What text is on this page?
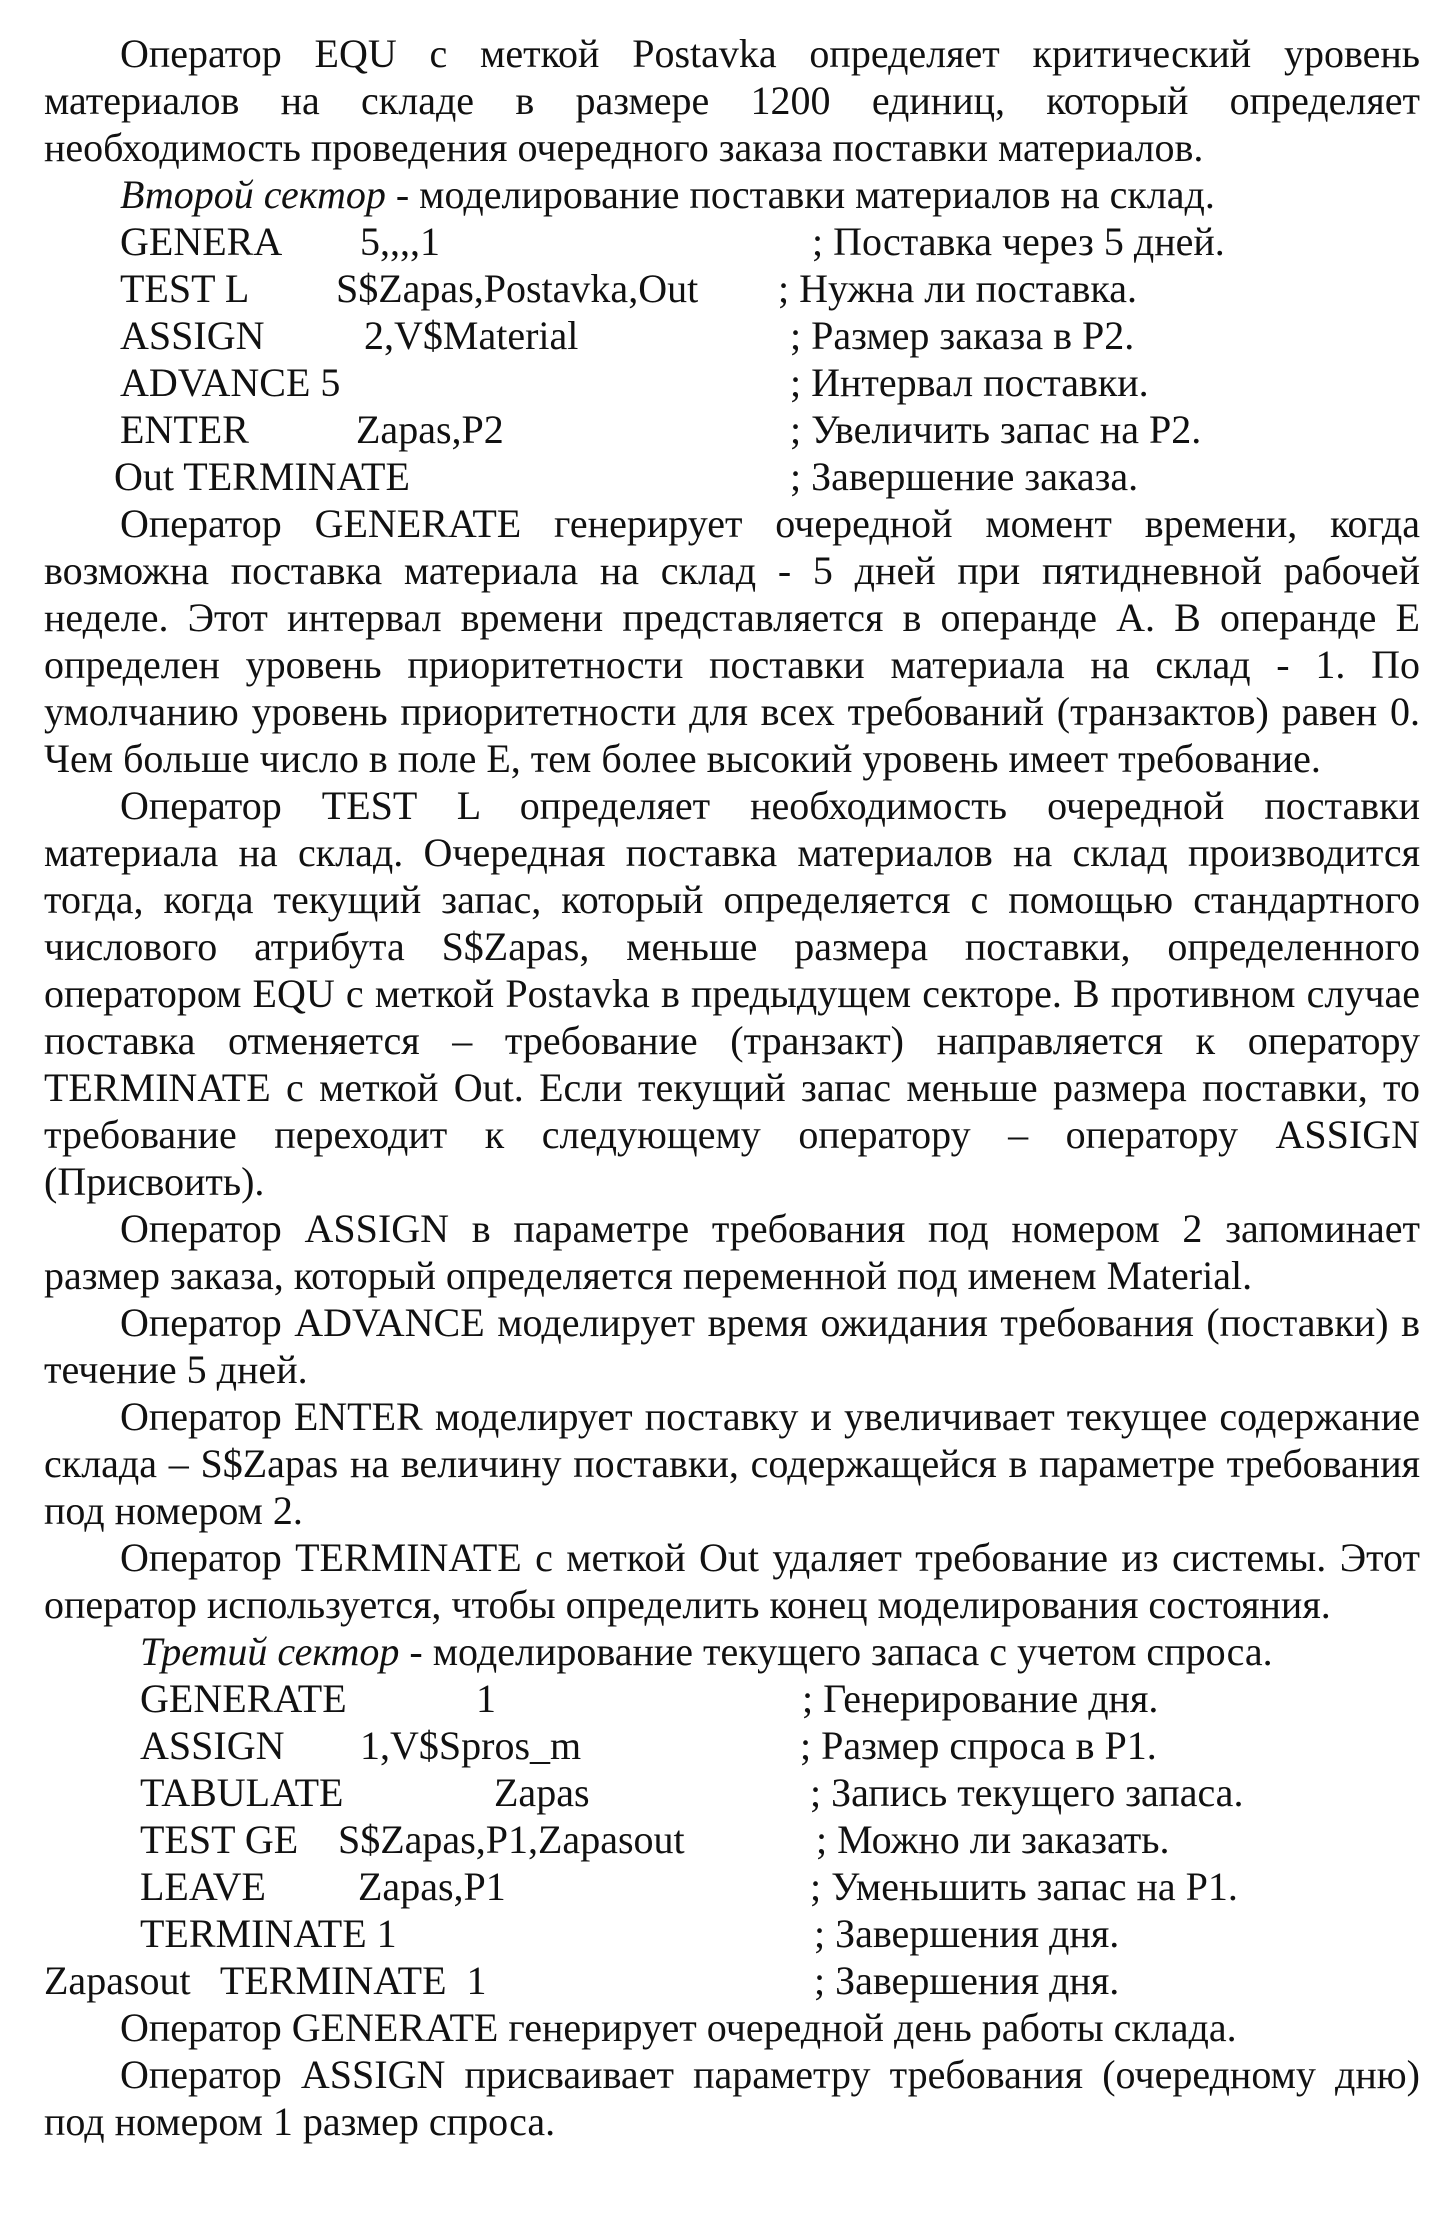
Оператор EQU с меткой Postavka определяет критический уровень материалов на складе в размере 1200 единиц, который определяет необходимость проведения очередного заказа поставки материалов.

Второй сектор - моделирование поставки материалов на склад.

GENERA 5,,,,1	; Поставка через 5 дней.
TEST L S$Zapas,Postavka,Out ; Нужна ли поставка.
ASSIGN 2,V$Material	; Размер заказа в Р2.
ADVANCE 5	; Интервал поставки.
ENTER	Zapas,P2	; Увеличить запас на Р2.
Out TERMINATE	; Завершение заказа.

Оператор GENERATE генерирует очередной момент времени, когда возможна поставка материала на склад - 5 дней при пятидневной рабочей неделе. Этот интервал времени представляется в операнде А. В операнде Е определен уровень приоритетности поставки материала на склад - 1. По умолчанию уровень приоритетности для всех требований (транзактов) равен 0. Чем больше число в поле Е, тем более высокий уровень имеет требование.

Оператор TEST L определяет необходимость очередной поставки материала на склад. Очередная поставка материалов на склад производится тогда, когда текущий запас, который определяется с помощью стандартного числового атрибута S$Zapas, меньше размера поставки, определенного оператором EQU с меткой Postavka в предыдущем секторе. В противном случае поставка отменяется – требование (транзакт) направляется к оператору TERMINATE с меткой Out. Если текущий запас меньше размера поставки, то требование переходит к следующему оператору – оператору ASSIGN (Присвоить).

Оператор ASSIGN в параметре требования под номером 2 запоминает размер заказа, который определяется переменной под именем Material.

Оператор ADVANCE моделирует время ожидания требования (поставки) в течение 5 дней.

Оператор ENTER моделирует поставку и увеличивает текущее содержание склада – S$Zapas на величину поставки, содержащейся в параметре требования под номером 2.

Оператор TERMINATE с меткой Out удаляет требование из системы. Этот оператор используется, чтобы определить конец моделирования состояния.

Третий сектор - моделирование текущего запаса с учетом спроса.

GENERATE	1	; Генерирование дня.
ASSIGN 1,V$Spros_m	; Размер спроса в Р1.
TABULATE	Zapas	; Запись текущего запаса.
TEST GE S$Zapas,P1,Zapasout	; Можно ли заказать.
LEAVE Zapas,P1	; Уменьшить запас на Р1.
TERMINATE 1	; Завершения дня.
Zapasout   TERMINATE  1	; Завершения дня.

Оператор GENERATE генерирует очередной день работы склада.

Оператор ASSIGN присваивает параметру требования (очередному дню) под номером 1 размер спроса.
